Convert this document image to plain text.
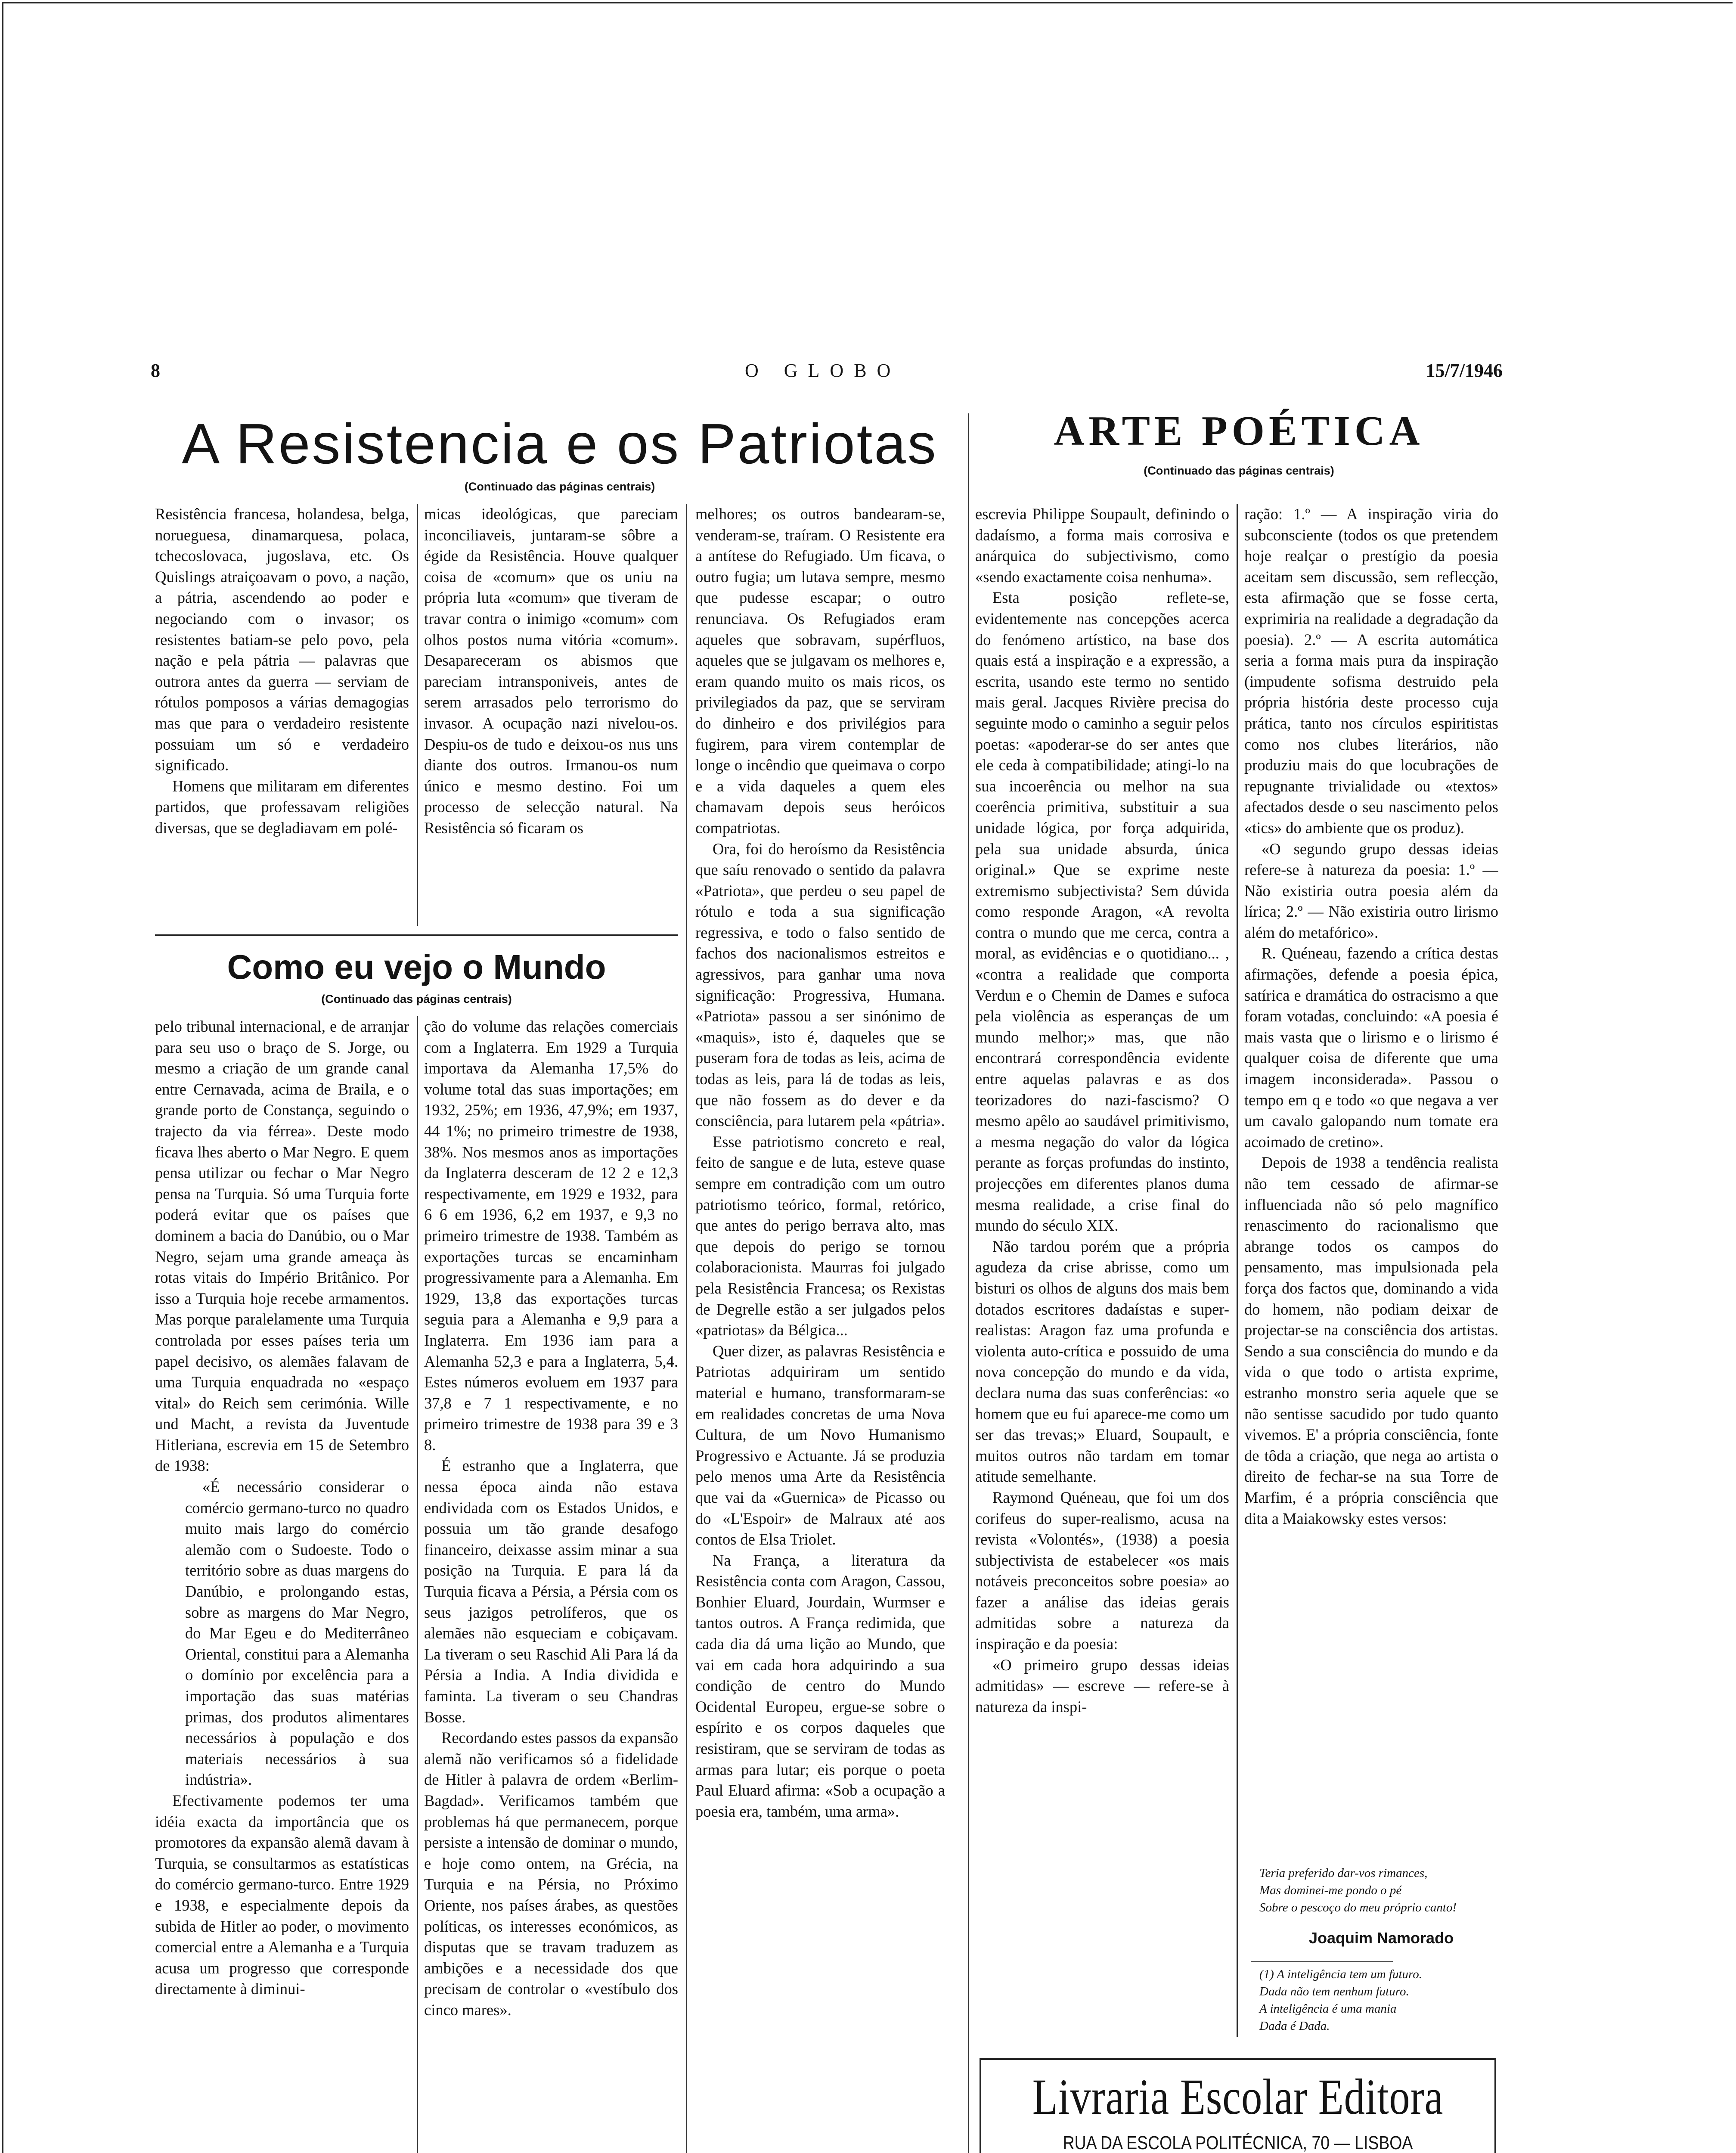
8	O GLOBO	15/7/1946
A Resistencia e os Patriotas
(Continuado das páginas centrais)

Resistência francesa, holandesa, belga, norueguesa, dinamarquesa, polaca, tchecoslovaca, jugoslava, etc. Os Quislings atraiçoavam o povo, a nação, a pátria, ascendendo ao poder e negociando com o invasor; os resistentes batiam-se pelo povo, pela nação e pela pátria — palavras que outrora antes da guerra — serviam de rótulos pomposos a várias demagogias mas que para o verdadeiro resistente possuiam um só e verdadeiro significado.

Homens que militaram em diferentes partidos, que professavam religiões diversas, que se degladiavam em polé-

micas ideológicas, que pareciam inconciliaveis, juntaram-se sôbre a égide da Resistência. Houve qualquer coisa de «comum» que os uniu na própria luta «comum» que tiveram de travar contra o inimigo «comum» com olhos postos numa vitória «comum». Desapareceram os abismos que pareciam intransponiveis, antes de serem arrasados pelo terrorismo do invasor. A ocupação nazi nivelou-os. Despiu-os de tudo e deixou-os nus uns diante dos outros. Irmanou-os num único e mesmo destino. Foi um processo de selecção natural. Na Resistência só ficaram os

melhores; os outros bandearam-se, venderam-se, traíram. O Resistente era a antítese do Refugiado. Um ficava, o outro fugia; um lutava sempre, mesmo que pudesse escapar; o outro renunciava. Os Refugiados eram aqueles que sobravam, supérfluos, aqueles que se julgavam os melhores e, eram quando muito os mais ricos, os privilegiados da paz, que se serviram do dinheiro e dos privilégios para fugirem, para virem contemplar de longe o incêndio que queimava o corpo e a vida daqueles a quem eles chamavam depois seus heróicos compatriotas.

Ora, foi do heroísmo da Resistência que saíu renovado o sentido da palavra «Patriota», que perdeu o seu papel de rótulo e toda a sua significação regressiva, e todo o falso sentido de fachos dos nacionalismos estreitos e agressivos, para ganhar uma nova significação: Progressiva, Humana. «Patriota» passou a ser sinónimo de «maquis», isto é, daqueles que se puseram fora de todas as leis, acima de todas as leis, para lá de todas as leis, que não fossem as do dever e da consciência, para lutarem pela «pátria».

Esse patriotismo concreto e real, feito de sangue e de luta, esteve quase sempre em contradição com um outro patriotismo teórico, formal, retórico, que antes do perigo berrava alto, mas que depois do perigo se tornou colaboracionista. Maurras foi julgado pela Resistência Francesa; os Rexistas de Degrelle estão a ser julgados pelos «patriotas» da Bélgica...

Quer dizer, as palavras Resistência e Patriotas adquiriram um sentido material e humano, transformaram-se em realidades concretas de uma Nova Cultura, de um Novo Humanismo Progressivo e Actuante. Já se produzia pelo menos uma Arte da Resistência que vai da «Guernica» de Picasso ou do «L'Espoir» de Malraux até aos contos de Elsa Triolet.

Na França, a literatura da Resistência conta com Aragon, Cassou, Bonhier Eluard, Jourdain, Wurmser e tantos outros. A França redimida, que cada dia dá uma lição ao Mundo, que vai em cada hora adquirindo a sua condição de centro do Mundo Ocidental Europeu, ergue-se sobre o espírito e os corpos daqueles que resistiram, que se serviram de todas as armas para lutar; eis porque o poeta Paul Eluard afirma: «Sob a ocupação a poesia era, também, uma arma».

Como eu vejo o Mundo
(Continuado das páginas centrais)

pelo tribunal internacional, e de arranjar para seu uso o braço de S. Jorge, ou mesmo a criação de um grande canal entre Cernavada, acima de Braila, e o grande porto de Constança, seguindo o trajecto da via férrea». Deste modo ficava lhes aberto o Mar Negro. E quem pensa utilizar ou fechar o Mar Negro pensa na Turquia. Só uma Turquia forte poderá evitar que os países que dominem a bacia do Danúbio, ou o Mar Negro, sejam uma grande ameaça às rotas vitais do Império Britânico. Por isso a Turquia hoje recebe armamentos. Mas porque paralelamente uma Turquia controlada por esses países teria um papel decisivo, os alemães falavam de uma Turquia enquadrada no «espaço vital» do Reich sem cerimónia. Wille und Macht, a revista da Juventude Hitleriana, escrevia em 15 de Setembro de 1938:

«É necessário considerar o comércio germano-turco no quadro muito mais largo do comércio alemão com o Sudoeste. Todo o território sobre as duas margens do Danúbio, e prolongando estas, sobre as margens do Mar Negro, do Mar Egeu e do Mediterrâneo Oriental, constitui para a Alemanha o domínio por excelência para a importação das suas matérias primas, dos produtos alimentares necessários à população e dos materiais necessários à sua indústria».

Efectivamente podemos ter uma idéia exacta da importância que os promotores da expansão alemã davam à Turquia, se consultarmos as estatísticas do comércio germano-turco. Entre 1929 e 1938, e especialmente depois da subida de Hitler ao poder, o movimento comercial entre a Alemanha e a Turquia acusa um progresso que corresponde directamente à diminui-

ção do volume das relações comerciais com a Inglaterra. Em 1929 a Turquia importava da Alemanha 17,5% do volume total das suas importações; em 1932, 25%; em 1936, 47,9%; em 1937, 44 1%; no primeiro trimestre de 1938, 38%. Nos mesmos anos as importações da Inglaterra desceram de 12 2 e 12,3 respectivamente, em 1929 e 1932, para 6 6 em 1936, 6,2 em 1937, e 9,3 no primeiro trimestre de 1938. Também as exportações turcas se encaminham progressivamente para a Alemanha. Em 1929, 13,8 das exportações turcas seguia para a Alemanha e 9,9 para a Inglaterra. Em 1936 iam para a Alemanha 52,3 e para a Inglaterra, 5,4. Estes números evoluem em 1937 para 37,8 e 7 1 respectivamente, e no primeiro trimestre de 1938 para 39 e 3 8.

É estranho que a Inglaterra, que nessa época ainda não estava endividada com os Estados Unidos, e possuia um tão grande desafogo financeiro, deixasse assim minar a sua posição na Turquia. E para lá da Turquia ficava a Pérsia, a Pérsia com os seus jazigos petrolíferos, que os alemães não esqueciam e cobiçavam. La tiveram o seu Raschid Ali Para lá da Pérsia a India. A India dividida e faminta. La tiveram o seu Chandras Bosse.

Recordando estes passos da expansão alemã não verificamos só a fidelidade de Hitler à palavra de ordem «Berlim-Bagdad». Verificamos também que problemas há que permanecem, porque persiste a intensão de dominar o mundo, e hoje como ontem, na Grécia, na Turquia e na Pérsia, no Próximo Oriente, nos países árabes, as questões políticas, os interesses económicos, as disputas que se travam traduzem as ambições e a necessidade dos que precisam de controlar o «vestíbulo dos cinco mares».

ARTE POÉTICA
(Continuado das páginas centrais)

escrevia Philippe Soupault, definindo o dadaísmo, a forma mais corrosiva e anárquica do subjectivismo, como «sendo exactamente coisa nenhuma».

Esta posição reflete-se, evidentemente nas concepções acerca do fenómeno artístico, na base dos quais está a inspiração e a expressão, a escrita, usando este termo no sentido mais geral. Jacques Rivière precisa do seguinte modo o caminho a seguir pelos poetas: «apoderar-se do ser antes que ele ceda à compatibilidade; atingi-lo na sua incoerência ou melhor na sua coerência primitiva, substituir a sua unidade lógica, por força adquirida, pela sua unidade absurda, única original.» Que se exprime neste extremismo subjectivista? Sem dúvida como responde Aragon, «A revolta contra o mundo que me cerca, contra a moral, as evidências e o quotidiano... , «contra a realidade que comporta Verdun e o Chemin de Dames e sufoca pela violência as esperanças de um mundo melhor;» mas, que não encontrará correspondência evidente entre aquelas palavras e as dos teorizadores do nazi-fascismo? O mesmo apêlo ao saudável primitivismo, a mesma negação do valor da lógica perante as forças profundas do instinto, projecções em diferentes planos duma mesma realidade, a crise final do mundo do século XIX.

Não tardou porém que a própria agudeza da crise abrisse, como um bisturi os olhos de alguns dos mais bem dotados escritores dadaístas e super-realistas: Aragon faz uma profunda e violenta auto-crítica e possuido de uma nova concepção do mundo e da vida, declara numa das suas conferências: «o homem que eu fui aparece-me como um ser das trevas;» Eluard, Soupault, e muitos outros não tardam em tomar atitude semelhante.

Raymond Quéneau, que foi um dos corifeus do super-realismo, acusa na revista «Volontés», (1938) a poesia subjectivista de estabelecer «os mais notáveis preconceitos sobre poesia» ao fazer a análise das ideias gerais admitidas sobre a natureza da inspiração e da poesia:

«O primeiro grupo dessas ideias admitidas» — escreve — refere-se à natureza da inspi-

ração: 1.º — A inspiração viria do subconsciente (todos os que pretendem hoje realçar o prestígio da poesia aceitam sem discussão, sem reflecção, esta afirmação que se fosse certa, exprimiria na realidade a degradação da poesia). 2.º — A escrita automática seria a forma mais pura da inspiração (impudente sofisma destruido pela própria história deste processo cuja prática, tanto nos círculos espiritistas como nos clubes literários, não produziu mais do que locubrações de repugnante trivialidade ou «textos» afectados desde o seu nascimento pelos «tics» do ambiente que os produz).

«O segundo grupo dessas ideias refere-se à natureza da poesia: 1.º — Não existiria outra poesia além da lírica; 2.º — Não existiria outro lirismo além do metafórico».

R. Quéneau, fazendo a crítica destas afirmações, defende a poesia épica, satírica e dramática do ostracismo a que foram votadas, concluindo: «A poesia é mais vasta que o lirismo e o lirismo é qualquer coisa de diferente que uma imagem inconsiderada». Passou o tempo em q e todo «o que negava a ver um cavalo galopando num tomate era acoimado de cretino».

Depois de 1938 a tendência realista não tem cessado de afirmar-se influenciada não só pelo magnífico renascimento do racionalismo que abrange todos os campos do pensamento, mas impulsionada pela força dos factos que, dominando a vida do homem, não podiam deixar de projectar-se na consciência dos artistas. Sendo a sua consciência do mundo e da vida o que todo o artista exprime, estranho monstro seria aquele que se não sentisse sacudido por tudo quanto vivemos. E' a própria consciência, fonte de tôda a criação, que nega ao artista o direito de fechar-se na sua Torre de Marfim, é a própria consciência que dita a Maiakowsky estes versos:

Teria preferido dar-vos rimances,
Mas dominei-me pondo o pé
Sobre o pescoço do meu próprio canto!
Joaquim Namorado
(1) A inteligência tem um futuro.
Dada não tem nenhum futuro.
A inteligência é uma mania
Dada é Dada.
Livraria Escolar Editora
RUA DA ESCOLA POLITÉCNICA, 70 — LISBOA
